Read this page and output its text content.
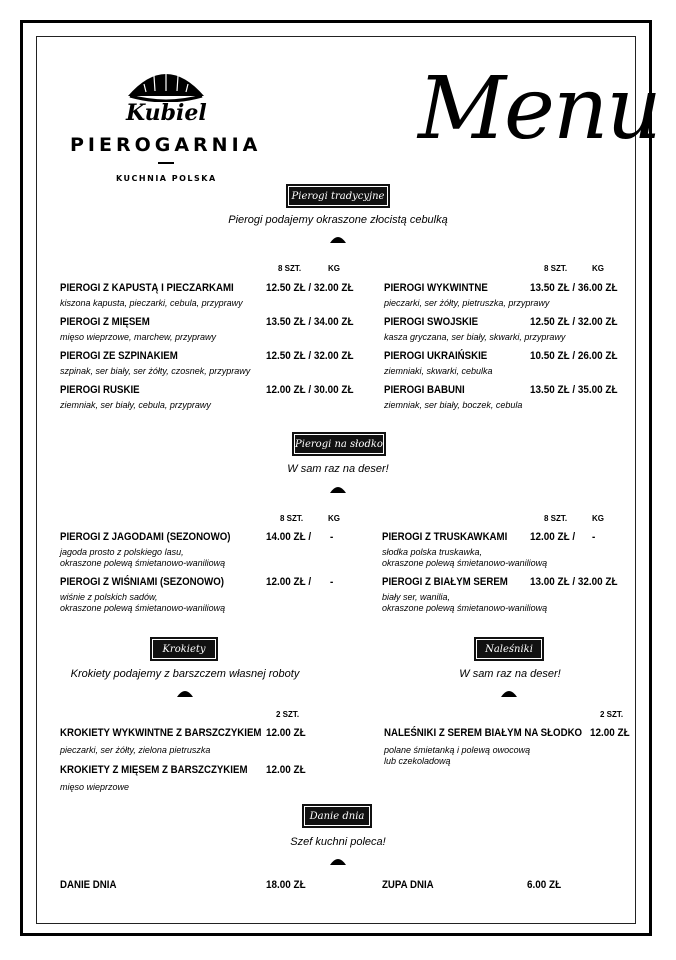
Kubiel
PIEROGARNIA
KUCHNIA POLSKA
Menu
Pierogi tradycyjne
Pierogi podajemy okraszone złocistą cebulką
8 SZT.	KG	8 SZT.	KG
PIEROGI Z KAPUSTĄ I PIECZARKAMI	12.50 ZŁ / 32.00 ZŁ
kiszona kapusta, pieczarki, cebula, przyprawy
PIEROGI Z MIĘSEM	13.50 ZŁ / 34.00 ZŁ
mięso wieprzowe, marchew, przyprawy
PIEROGI ZE SZPINAKIEM	12.50 ZŁ / 32.00 ZŁ
szpinak, ser biały, ser żółty, czosnek, przyprawy
PIEROGI RUSKIE	12.00 ZŁ / 30.00 ZŁ
ziemniak, ser biały, cebula, przyprawy
PIEROGI WYKWINTNE	13.50 ZŁ / 36.00 ZŁ
pieczarki, ser żółty, pietruszka, przyprawy
PIEROGI SWOJSKIE	12.50 ZŁ / 32.00 ZŁ
kasza gryczana, ser biały, skwarki, przyprawy
PIEROGI UKRAIŃSKIE	10.50 ZŁ / 26.00 ZŁ
ziemniaki, skwarki, cebulka
PIEROGI BABUNI	13.50 ZŁ / 35.00 ZŁ
ziemniak, ser biały, boczek, cebula
Pierogi na słodko
W sam raz na deser!
8 SZT.	KG	8 SZT.	KG
PIEROGI Z JAGODAMI (SEZONOWO)	14.00 ZŁ / -
jagoda prosto z polskiego lasu,
okraszone polewą śmietanowo-waniliową
PIEROGI Z WIŚNIAMI (SEZONOWO)	12.00 ZŁ / -
wiśnie z polskich sadów,
okraszone polewą śmietanowo-waniliową
PIEROGI Z TRUSKAWKAMI 12.00 ZŁ / -
słodka polska truskawka,
okraszone polewą śmietanowo-waniliową
PIEROGI Z BIAŁYM SEREM 13.00 ZŁ / 32.00 ZŁ
biały ser, wanilia,
okraszone polewą śmietanowo-waniliową
Krokiety
Krokiety podajemy z barszczem własnej roboty
2 SZT.
KROKIETY WYKWINTNE Z BARSZCZYKIEM 12.00 ZŁ
pieczarki, ser żółty, zielona pietruszka
KROKIETY Z MIĘSEM Z BARSZCZYKIEM 12.00 ZŁ
mięso wieprzowe
Naleśniki
W sam raz na deser!
2 SZT.
NALEŚNIKI Z SEREM BIAŁYM NA SŁODKO 12.00 ZŁ
polane śmietanką i polewą owocową
lub czekoladową
Danie dnia
Szef kuchni poleca!
DANIE DNIA	18.00 ZŁ	ZUPA DNIA	6.00 ZŁ
